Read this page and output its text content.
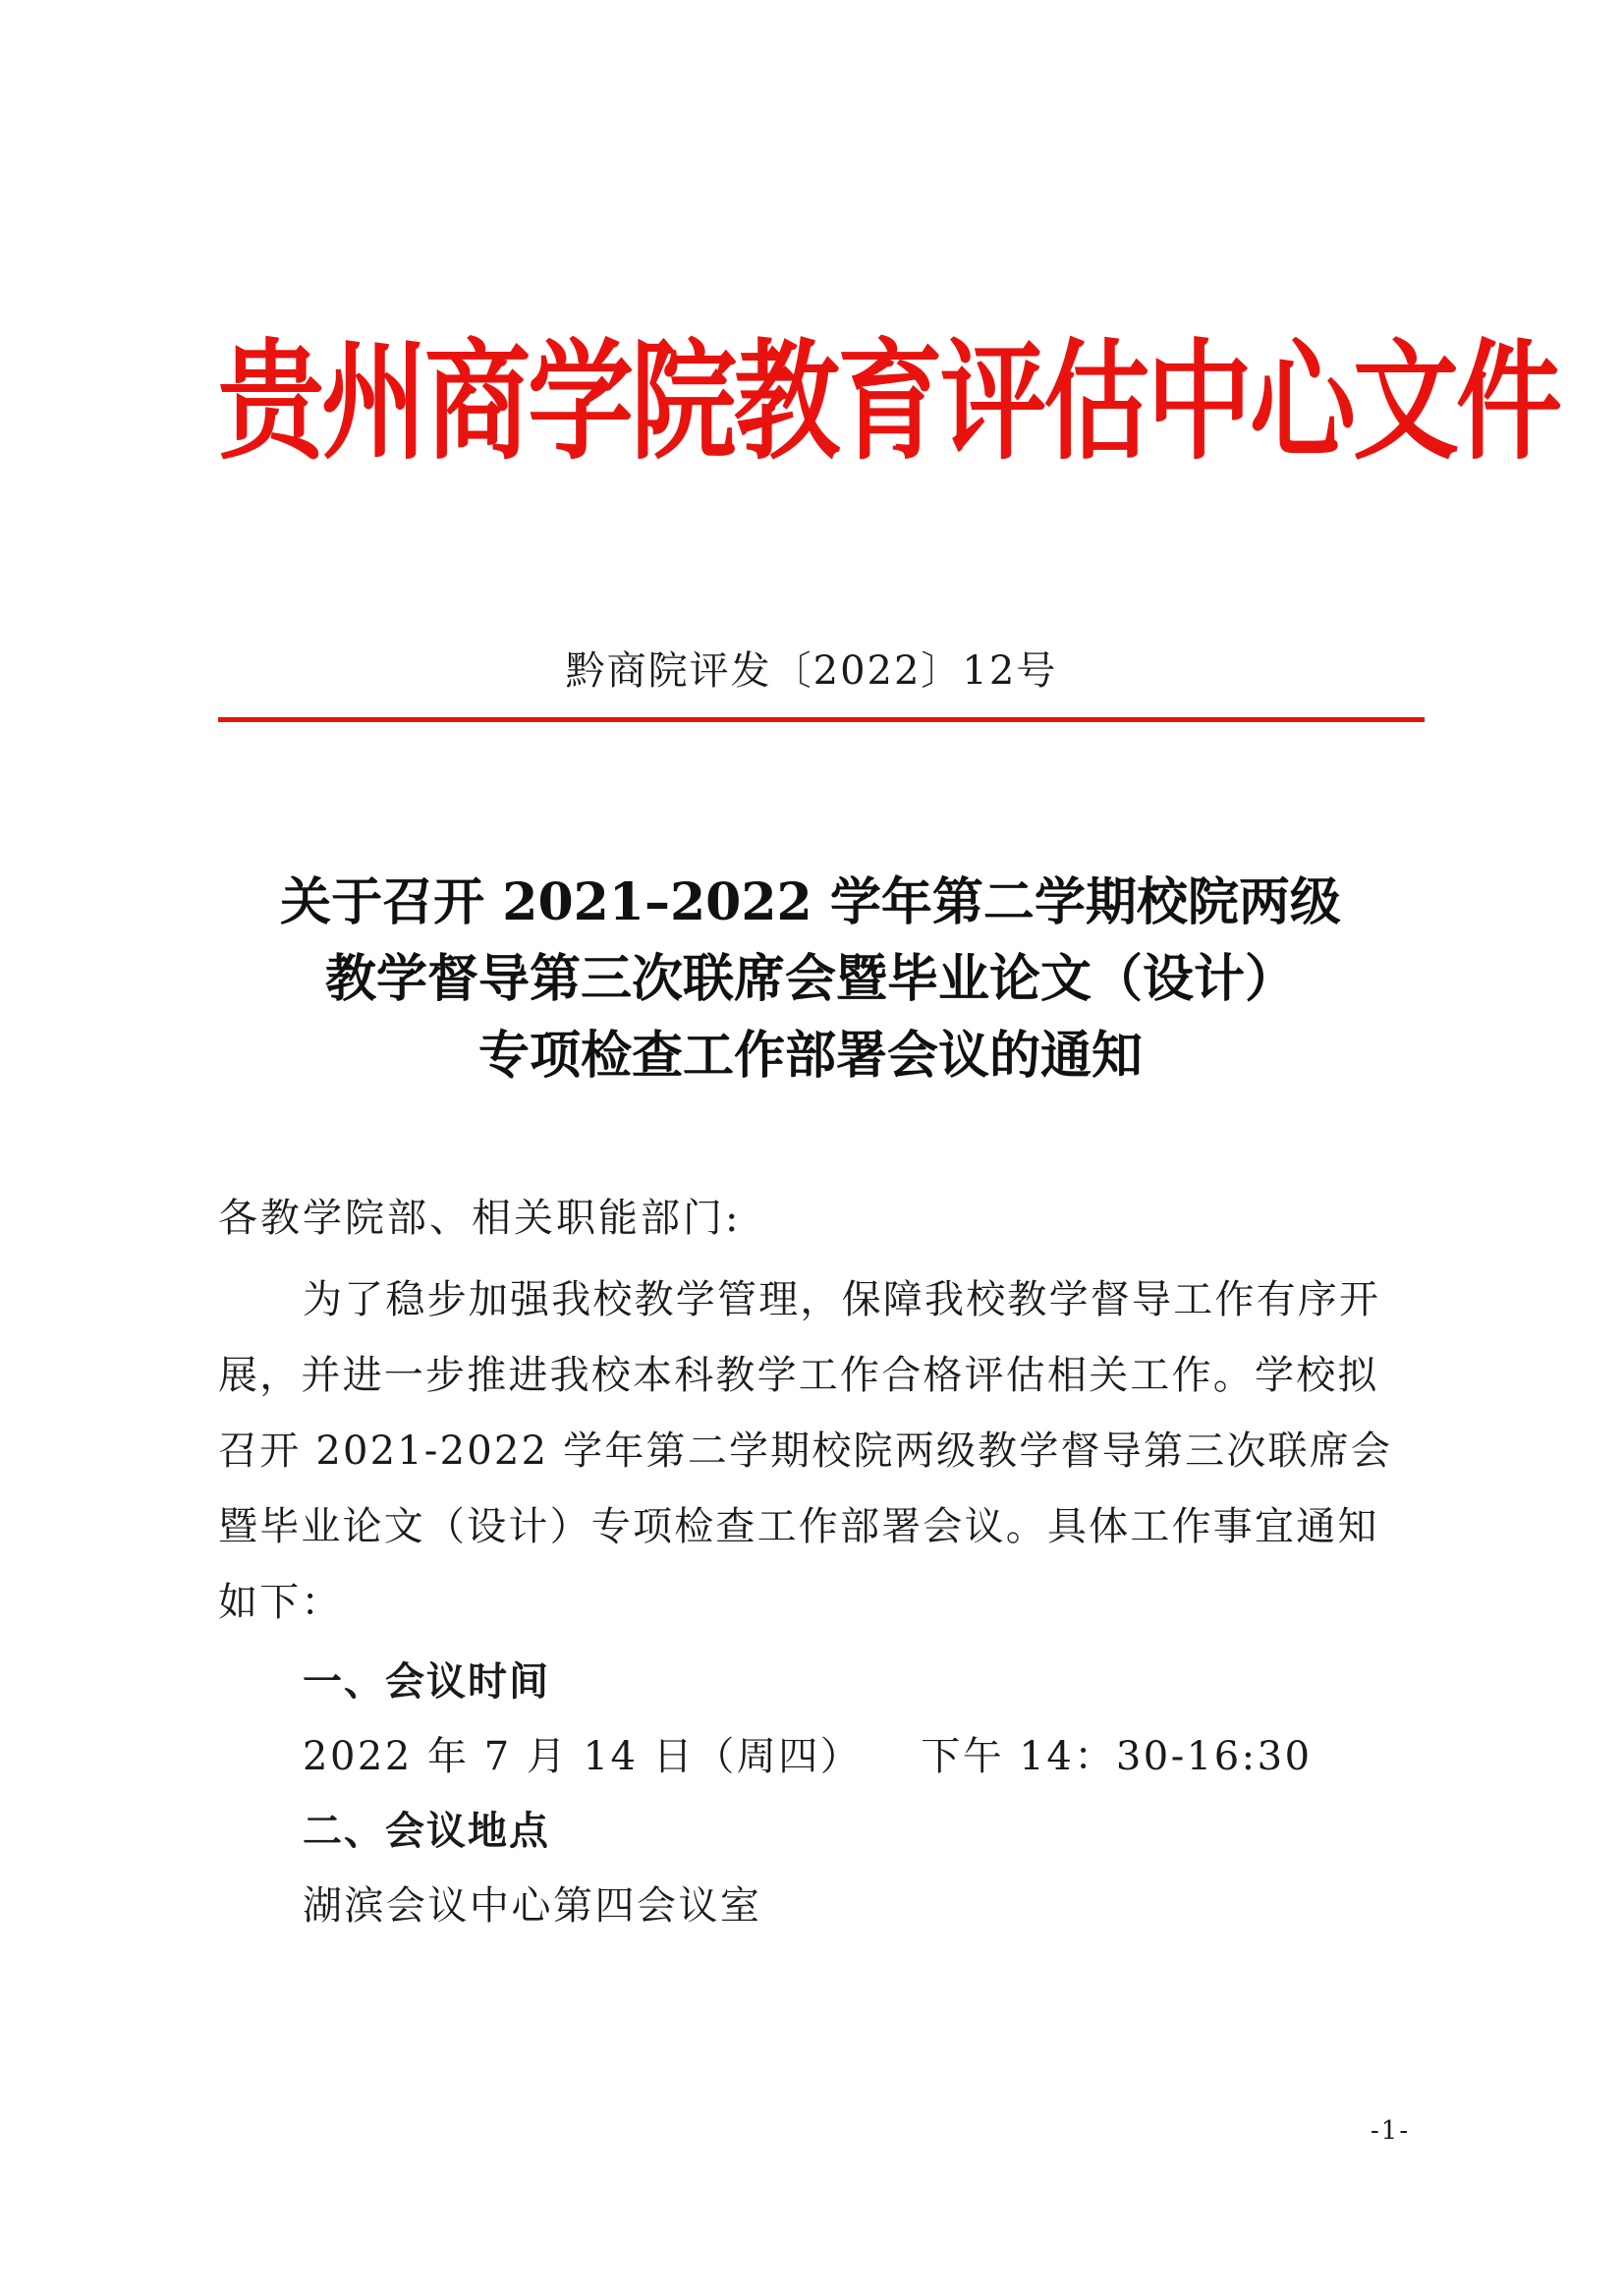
贵州商学院教育评估中心文件
黔商院评发〔2022〕12号
关于召开 2021–2022 学年第二学期校院两级
教学督导第三次联席会暨毕业论文（设计）
专项检查工作部署会议的通知
各教学院部、相关职能部门:
为了稳步加强我校教学管理，保障我校教学督导工作有序开
展，并进一步推进我校本科教学工作合格评估相关工作。学校拟
召开 2021-2022 学年第二学期校院两级教学督导第三次联席会
暨毕业论文（设计）专项检查工作部署会议。具体工作事宜通知
如下：
一、会议时间
2022 年 7 月 14 日（周四） 下午 14：30-16:30
二、会议地点
湖滨会议中心第四会议室
-1-
